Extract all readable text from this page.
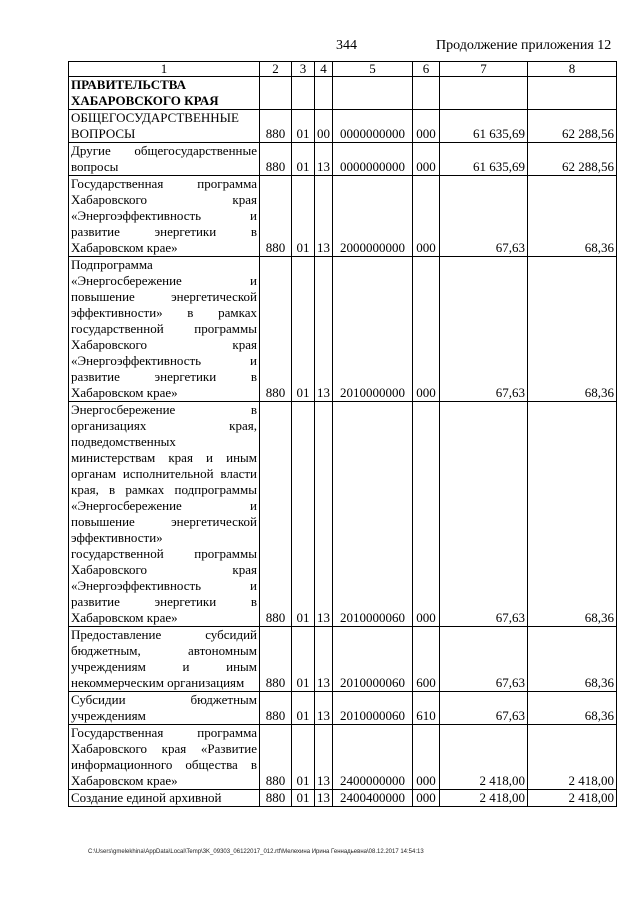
344	Продолжение приложения 12
1	2	3	4	5	6	7	8
ПРАВИТЕЛЬСТВА ХАБАРОВСКОГО КРАЯ							
ОБЩЕГОСУДАРСТВЕННЫЕ ВОПРОСЫ	880	01	00	0000000000	000	61 635,69	62 288,56
Другие общегосударственные вопросы	880	01	13	0000000000	000	61 635,69	62 288,56
Государственная программа Хабаровского края «Энергоэффективность и развитие энергетики в Хабаровском крае»	880	01	13	2000000000	000	67,63	68,36
Подпрограмма «Энергосбережение и повышение энергетической эффективности» в рамках государственной программы Хабаровского края «Энергоэффективность и развитие энергетики в Хабаровском крае»	880	01	13	2010000000	000	67,63	68,36
Энергосбережение в организациях края, подведомственных министерствам края и иным органам исполнительной власти края, в рамках подпрограммы «Энергосбережение и повышение энергетической эффективности» государственной программы Хабаровского края «Энергоэффективность и развитие энергетики в Хабаровском крае»	880	01	13	2010000060	000	67,63	68,36
Предоставление субсидий бюджетным, автономным учреждениям и иным некоммерческим организациям	880	01	13	2010000060	600	67,63	68,36
Субсидии бюджетным учреждениям	880	01	13	2010000060	610	67,63	68,36
Государственная программа Хабаровского края «Развитие информационного общества в Хабаровском крае»	880	01	13	2400000000	000	2 418,00	2 418,00
Создание единой архивной	880	01	13	2400400000	000	2 418,00	2 418,00
C:\Users\gmelekhina\AppData\Local\Temp\3K_09303_06122017_012.rtf\Мелехина Ирина Геннадьевна\08.12.2017 14:54:13
